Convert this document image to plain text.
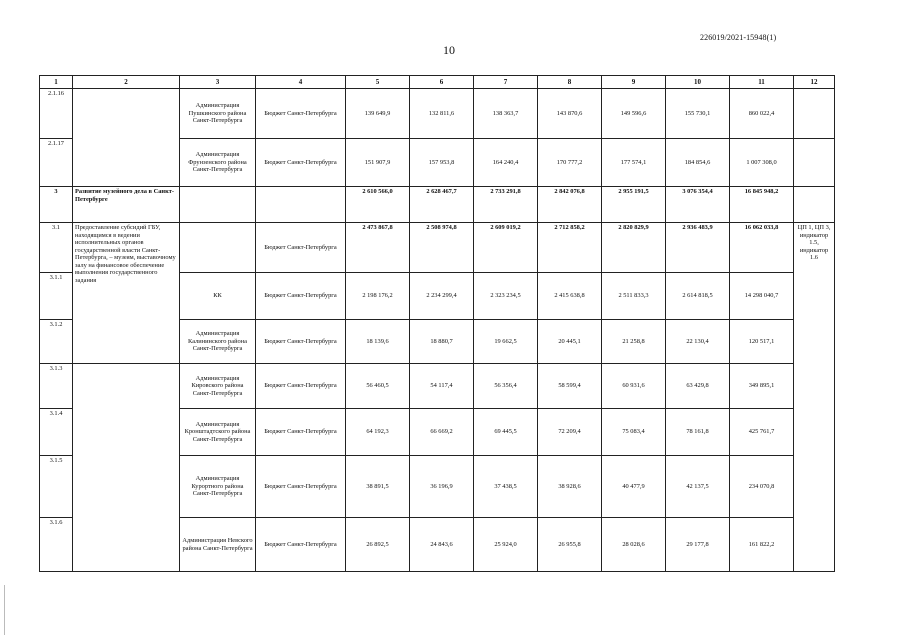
226019/2021-15948(1)
10
1	2	3	4	5	6	7	8	9	10	11	12
2.1.16		Администрация Пушкинского района Санкт-Петербурга	Бюджет Санкт-Петербурга	139 649,9	132 811,6	138 363,7	143 870,6	149 596,6	155 730,1	860 022,4	
2.1.17		Администрация Фрунзенского района Санкт-Петербурга	Бюджет Санкт-Петербурга	151 907,9	157 953,8	164 240,4	170 777,2	177 574,1	184 854,6	1 007 308,0	
3	Развитие музейного дела в Санкт-Петербурге			2 610 566,0	2 628 467,7	2 733 291,8	2 842 076,8	2 955 191,5	3 076 354,4	16 845 948,2	
3.1	Предоставление субсидий ГБУ, находящимся в ведении исполнительных органов государственной власти Санкт-Петербурга, – музеям, выставочному залу на финансовое обеспечение выполнения государственного задания		Бюджет Санкт-Петербурга	2 473 867,8	2 508 974,8	2 609 019,2	2 712 858,2	2 820 829,9	2 936 483,9	16 062 033,8	ЦП 1, ЦП 3, индикатор 1.5, индикатор 1.6
3.1.1		КК	Бюджет Санкт-Петербурга	2 198 176,2	2 234 299,4	2 323 234,5	2 415 638,8	2 511 833,3	2 614 818,5	14 298 040,7	
3.1.2		Администрация Калининского района Санкт-Петербурга	Бюджет Санкт-Петербурга	18 139,6	18 880,7	19 662,5	20 445,1	21 258,8	22 130,4	120 517,1	
3.1.3		Администрация Кировского района Санкт-Петербурга	Бюджет Санкт-Петербурга	56 460,5	54 117,4	56 356,4	58 599,4	60 931,6	63 429,8	349 895,1	
3.1.4		Администрация Кронштадтского района Санкт-Петербурга	Бюджет Санкт-Петербурга	64 192,3	66 669,2	69 445,5	72 209,4	75 083,4	78 161,8	425 761,7	
3.1.5		Администрация Курортного района Санкт-Петербурга	Бюджет Санкт-Петербурга	38 891,5	36 196,9	37 438,5	38 928,6	40 477,9	42 137,5	234 070,8	
3.1.6		Администрация Невского района Санкт-Петербурга	Бюджет Санкт-Петербурга	26 892,5	24 843,6	25 924,0	26 955,8	28 028,6	29 177,8	161 822,2	
